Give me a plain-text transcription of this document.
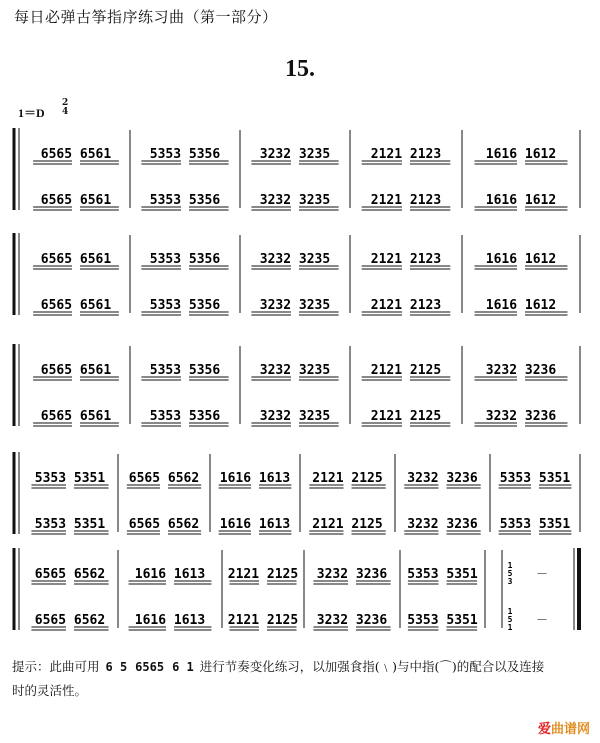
每日必弹古筝指序练习曲（第一部分）
15.
1＝D
2
4
6565 6561
6565 6561
5353 5356
5353 5356
3232 3235
3232 3235
2121 2123
2121 2123
1616 1612
1616 1612
6565 6561
6565 6561
5353 5356
5353 5356
3232 3235
3232 3235
2121 2123
2121 2123
1616 1612
1616 1612
6565 6561
6565 6561
5353 5356
5353 5356
3232 3235
3232 3235
2121 2125
2121 2125
3232 3236
3232 3236
5353 5351
5353 5351
6565 6562
6565 6562
1616 1613
1616 1613
2121 2125
2121 2125
3232 3236
3232 3236
5353 5351
5353 5351
6565 6562
6565 6562
1616 1613
1616 1613
2121 2125
2121 2125
3232 3236
3232 3236
5353 5351
5353 5351
1
5
3
－
1
5
1
－
提示：此曲可用 6 5 6565 6 1 进行节奏变化练习，以加强食指(﹨)与中指(⌒)的配合以及连接
时的灵活性。
爱曲谱网
